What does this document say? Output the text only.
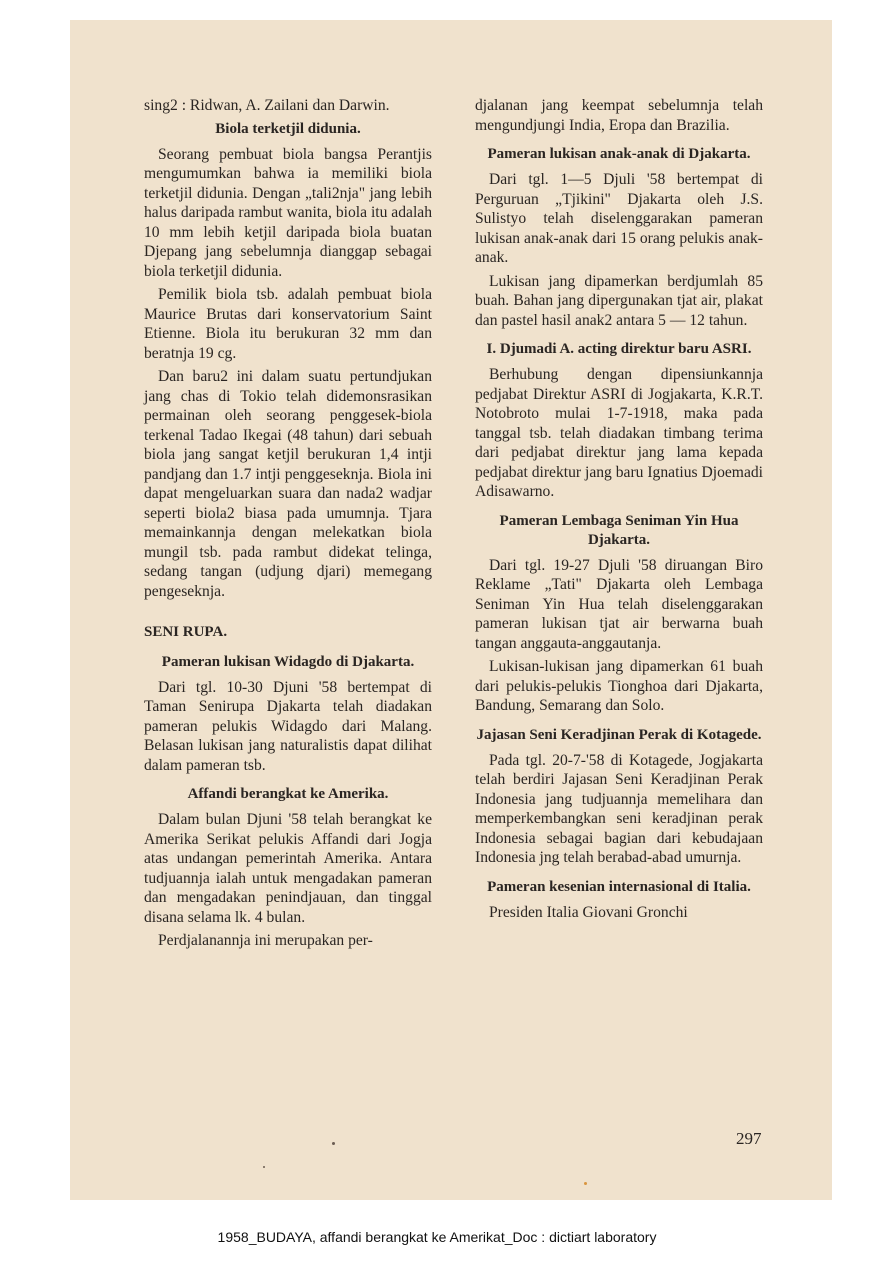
sing2 : Ridwan, A. Zailani dan Darwin.

Biola terketjil didunia.

Seorang pembuat biola bangsa Perantjis mengumumkan bahwa ia memiliki biola terketjil didunia. Dengan „tali2nja" jang lebih halus daripada rambut wanita, biola itu adalah 10 mm lebih ketjil daripada biola buatan Djepang jang sebelumnja dianggap sebagai biola terketjil didunia.

Pemilik biola tsb. adalah pembuat biola Maurice Brutas dari konservatorium Saint Etienne. Biola itu berukuran 32 mm dan beratnja 19 cg.

Dan baru2 ini dalam suatu pertundjukan jang chas di Tokio telah didemonsrasikan permainan oleh seorang penggesek-biola terkenal Tadao Ikegai (48 tahun) dari sebuah biola jang sangat ketjil berukuran 1,4 intji pandjang dan 1.7 intji penggeseknja. Biola ini dapat mengeluarkan suara dan nada2 wadjar seperti biola2 biasa pada umumnja. Tjara memainkannja dengan melekatkan biola mungil tsb. pada rambut didekat telinga, sedang tangan (udjung djari) memegang pengeseknja.

SENI RUPA.
Pameran lukisan Widagdo di Djakarta.

Dari tgl. 10-30 Djuni '58 bertempat di Taman Senirupa Djakarta telah diadakan pameran pelukis Widagdo dari Malang. Belasan lukisan jang naturalistis dapat dilihat dalam pameran tsb.

Affandi berangkat ke Amerika.

Dalam bulan Djuni '58 telah berangkat ke Amerika Serikat pelukis Affandi dari Jogja atas undangan pemerintah Amerika. Antara tudjuannja ialah untuk mengadakan pameran dan mengadakan penindjauan, dan tinggal disana selama lk. 4 bulan.

Perdjalanannja ini merupakan per-

djalanan jang keempat sebelumnja telah mengundjungi India, Eropa dan Brazilia.

Pameran lukisan anak-anak di Djakarta.

Dari tgl. 1—5 Djuli '58 bertempat di Perguruan „Tjikini" Djakarta oleh J.S. Sulistyo telah diselenggarakan pameran lukisan anak-anak dari 15 orang pelukis anak-anak.

Lukisan jang dipamerkan berdjumlah 85 buah. Bahan jang dipergunakan tjat air, plakat dan pastel hasil anak2 antara 5 — 12 tahun.

I. Djumadi A. acting direktur baru ASRI.

Berhubung dengan dipensiunkannja pedjabat Direktur ASRI di Jogjakarta, K.R.T. Notobroto mulai 1-7-1918, maka pada tanggal tsb. telah diadakan timbang terima dari pedjabat direktur jang lama kepada pedjabat direktur jang baru Ignatius Djoemadi Adisawarno.

Pameran Lembaga Seniman Yin Hua Djakarta.

Dari tgl. 19-27 Djuli '58 diruangan Biro Reklame „Tati" Djakarta oleh Lembaga Seniman Yin Hua telah diselenggarakan pameran lukisan tjat air berwarna buah tangan anggauta-anggautanja.

Lukisan-lukisan jang dipamerkan 61 buah dari pelukis-pelukis Tionghoa dari Djakarta, Bandung, Semarang dan Solo.

Jajasan Seni Keradjinan Perak di Kotagede.

Pada tgl. 20-7-'58 di Kotagede, Jogjakarta telah berdiri Jajasan Seni Keradjinan Perak Indonesia jang tudjuannja memelihara dan memperkembangkan seni keradjinan perak Indonesia sebagai bagian dari kebudajaan Indonesia jng telah berabad-abad umurnja.

Pameran kesenian internasional di Italia.

Presiden Italia Giovani Gronchi

297
1958_BUDAYA, affandi berangkat ke Amerikat_Doc : dictiart laboratory
